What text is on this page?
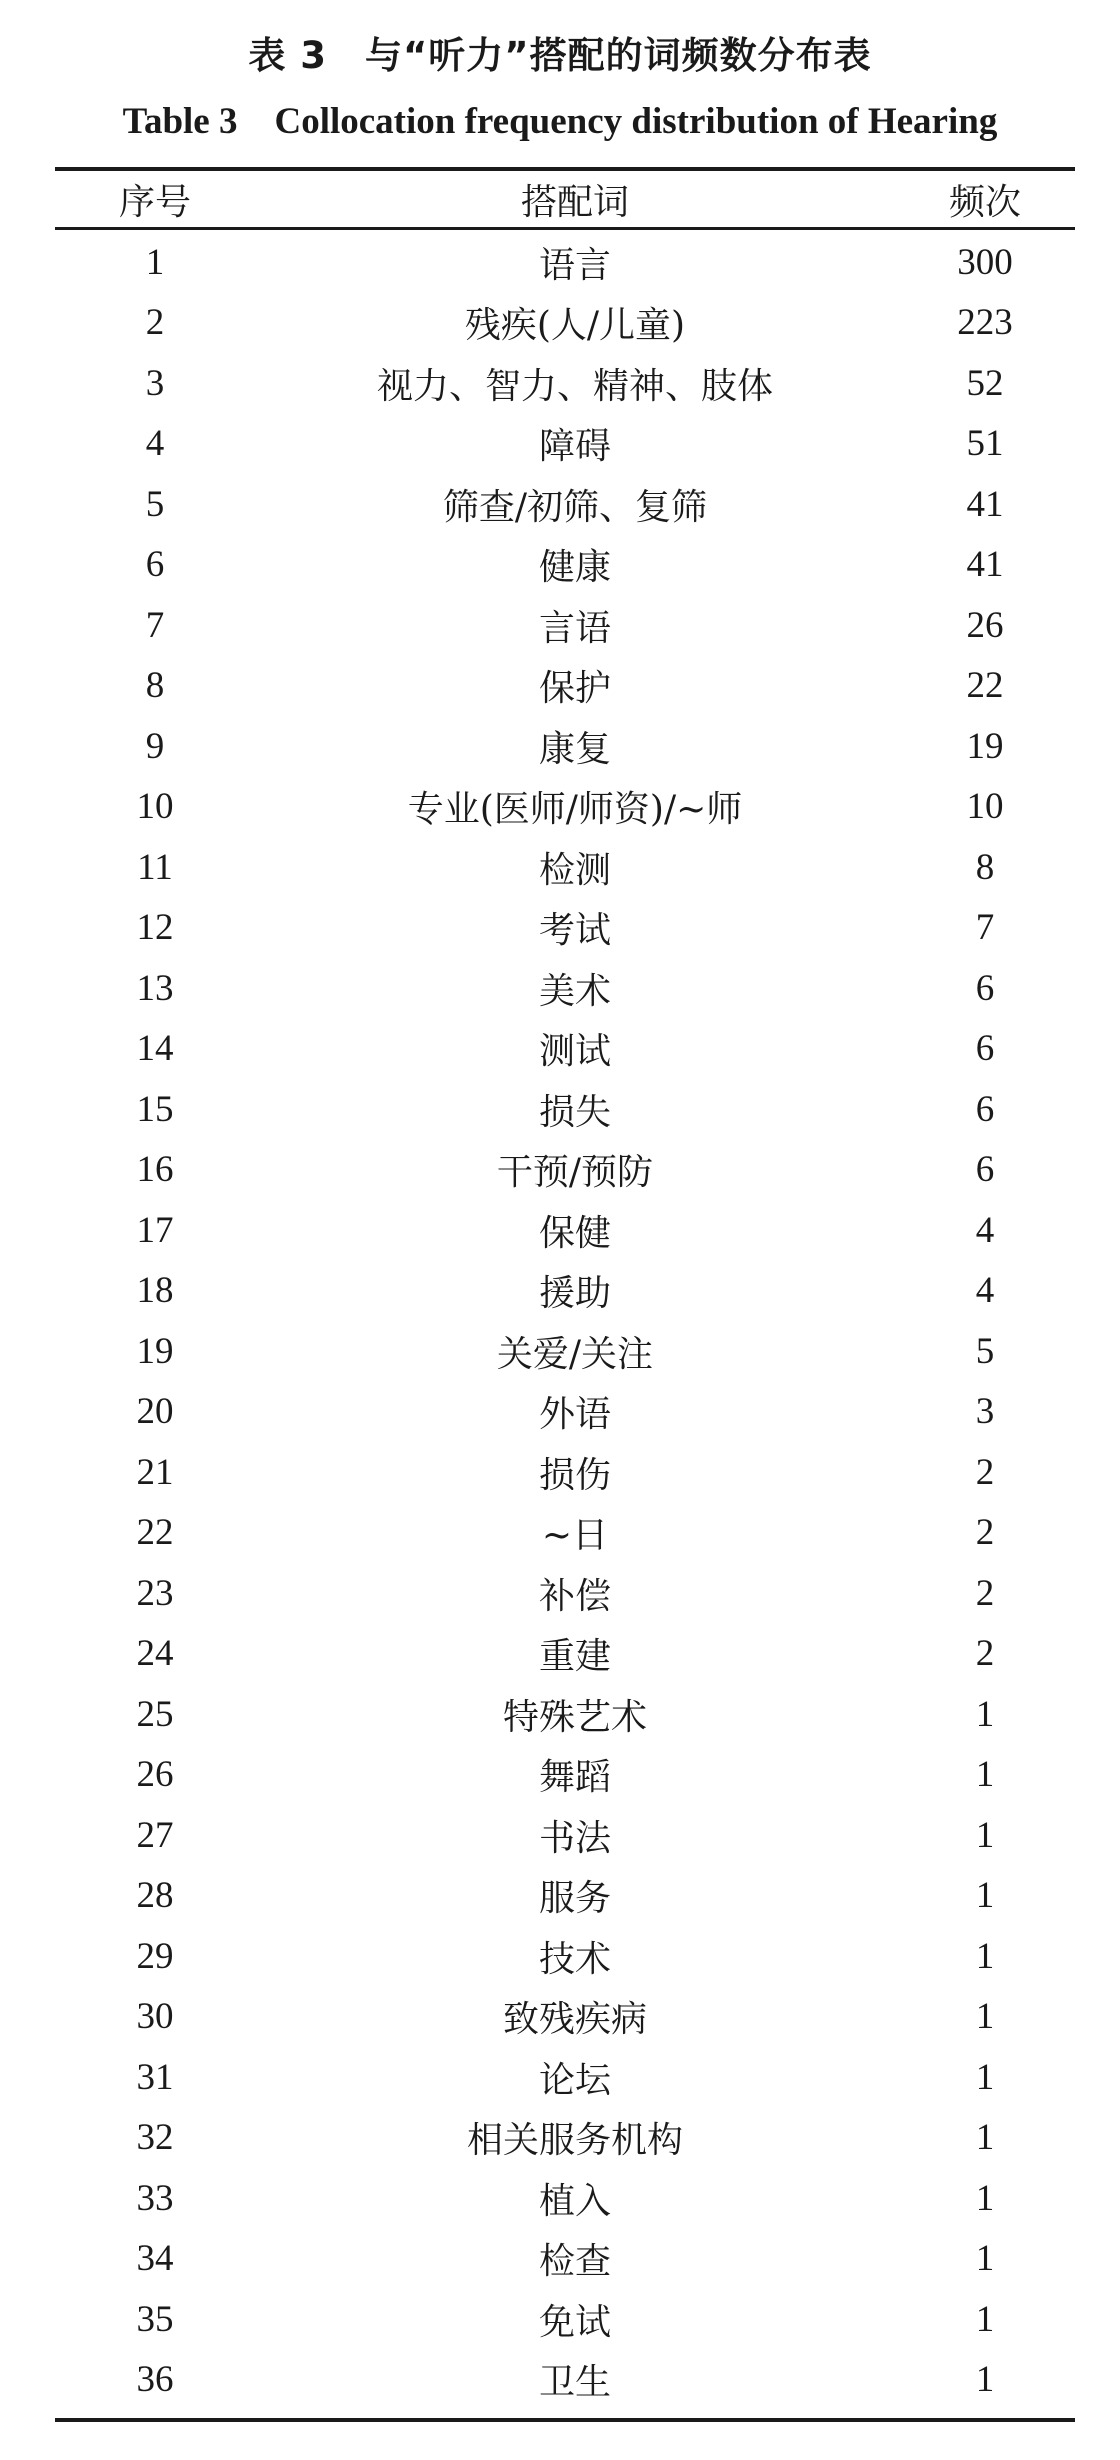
表 3　与“听力”搭配的词频数分布表
Table 3　Collocation frequency distribution of Hearing
序号	搭配词	频次
1	语言	300
2	残疾(人/儿童)	223
3	视力、智力、精神、肢体	52
4	障碍	51
5	筛查/初筛、复筛	41
6	健康	41
7	言语	26
8	保护	22
9	康复	19
10	专业(医师/师资)/~师	10
11	检测	8
12	考试	7
13	美术	6
14	测试	6
15	损失	6
16	干预/预防	6
17	保健	4
18	援助	4
19	关爱/关注	5
20	外语	3
21	损伤	2
22	~日	2
23	补偿	2
24	重建	2
25	特殊艺术	1
26	舞蹈	1
27	书法	1
28	服务	1
29	技术	1
30	致残疾病	1
31	论坛	1
32	相关服务机构	1
33	植入	1
34	检查	1
35	免试	1
36	卫生	1
